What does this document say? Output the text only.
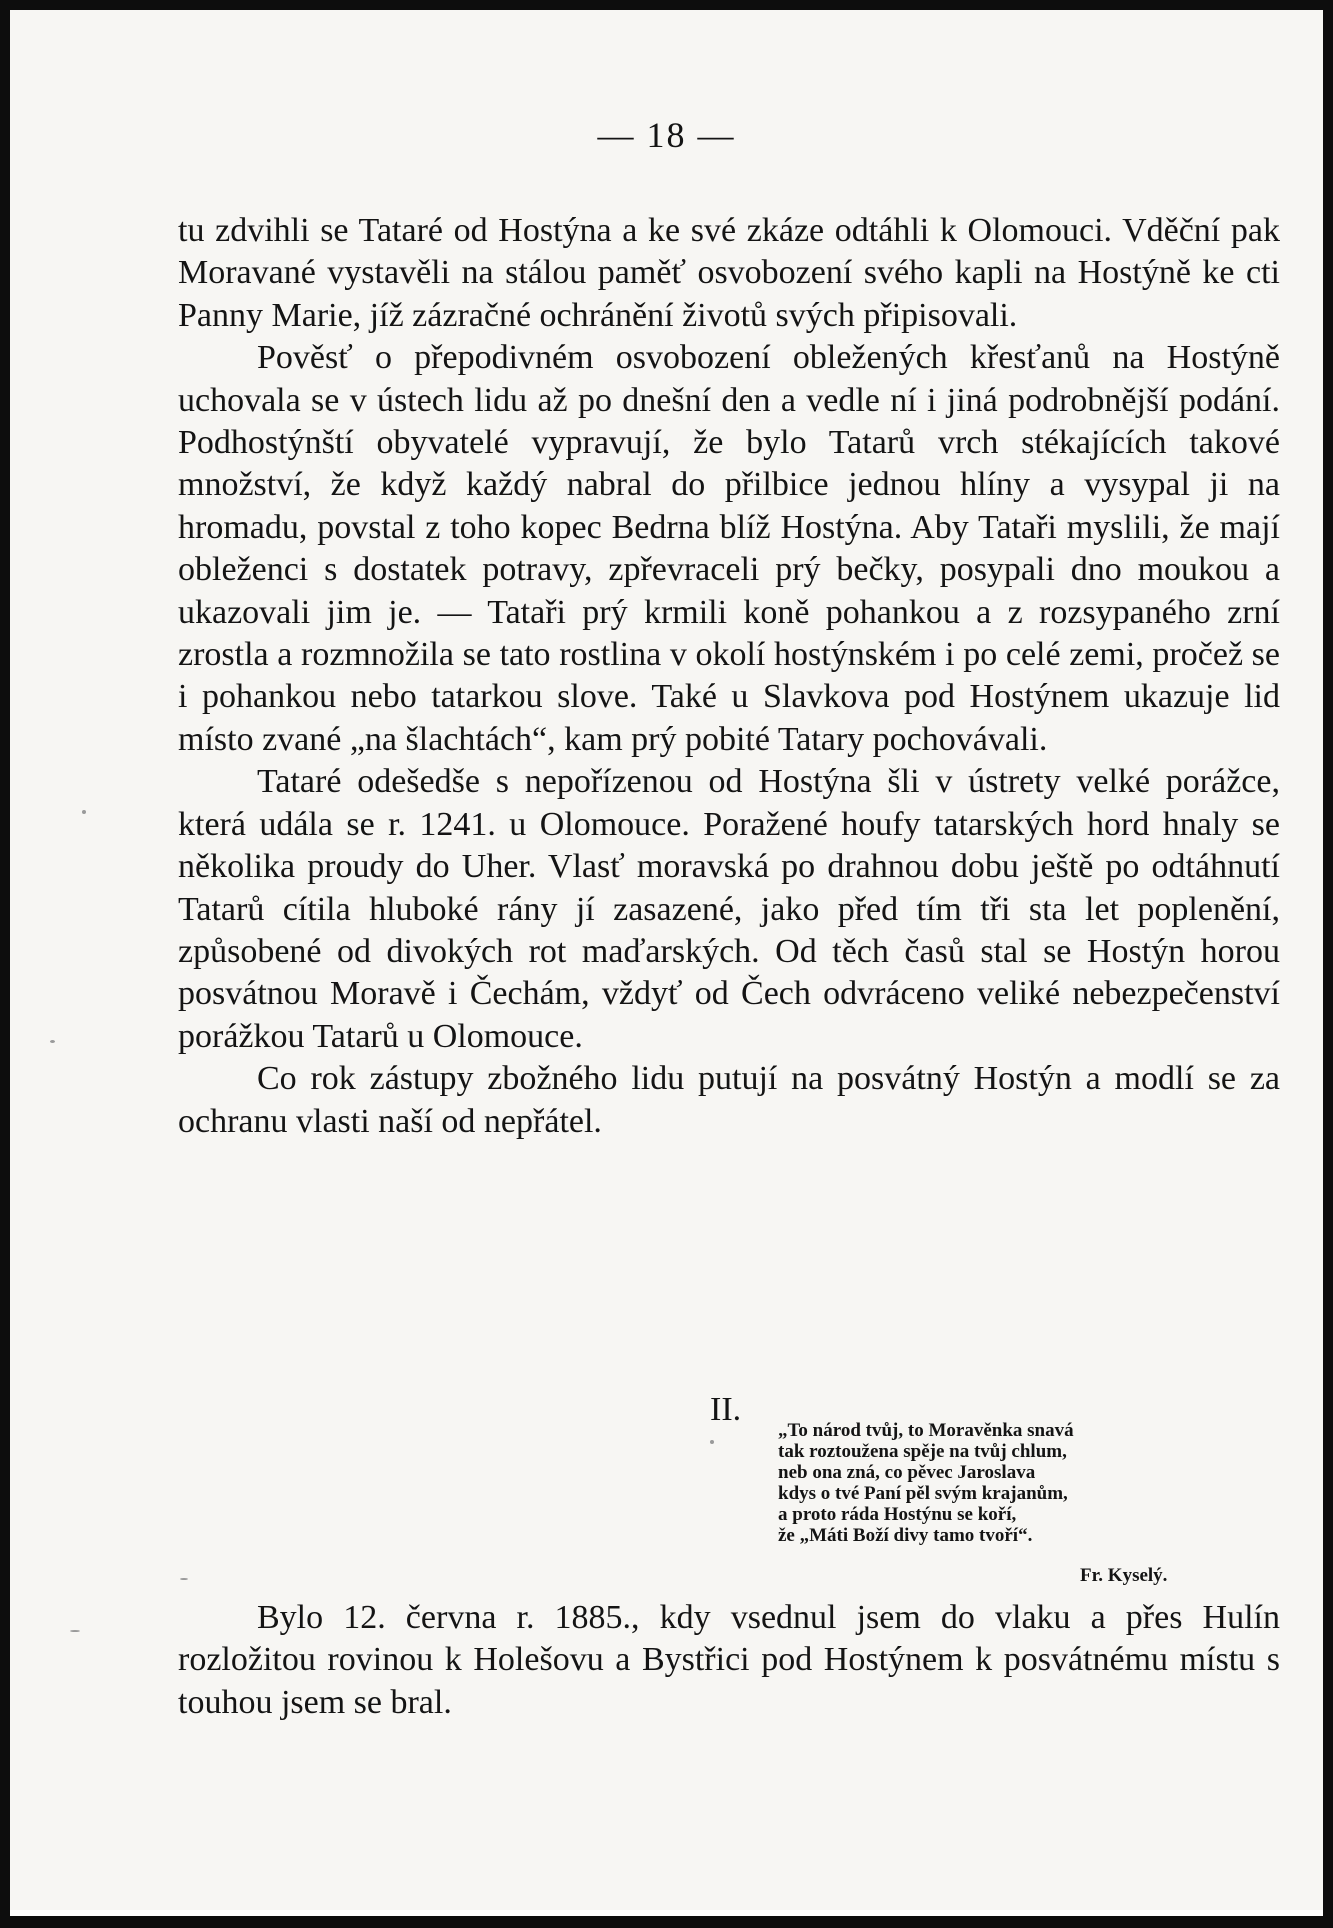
— 18 —

tu zdvihli se Tataré od Hostýna a ke své zkáze odtáhli k Olomouci. Vděční pak Moravané vystavěli na stálou paměť osvobození svého kapli na Hostýně ke cti Panny Marie, jíž zázračné ochránění životů svých připisovali.

Pověsť o přepodivném osvobození obležených křesťanů na Hostýně uchovala se v ústech lidu až po dnešní den a vedle ní i jiná podrobnější podání. Podhostýnští obyvatelé vypravují, že bylo Tatarů vrch stékajících takové množství, že když každý nabral do přilbice jednou hlíny a vysypal ji na hromadu, povstal z toho kopec Bedrna blíž Hostýna. Aby Tataři myslili, že mají obleženci s dostatek potravy, zpřevraceli prý bečky, posypali dno moukou a ukazovali jim je. — Tataři prý krmili koně pohankou a z rozsypaného zrní zrostla a rozmnožila se tato rostlina v okolí hostýnském i po celé zemi, pročež se i pohankou nebo tatarkou slove. Také u Slavkova pod Hostýnem ukazuje lid místo zvané „na šlachtách“, kam prý pobité Tatary pochovávali.

Tataré odešedše s nepořízenou od Hostýna šli v ústrety velké porážce, která udála se r. 1241. u Olomouce. Poražené houfy tatarských hord hnaly se několika proudy do Uher. Vlasť moravská po drahnou dobu ještě po odtáhnutí Tatarů cítila hluboké rány jí zasazené, jako před tím tři sta let poplenění, způsobené od divokých rot maďarských. Od těch časů stal se Hostýn horou posvátnou Moravě i Čechám, vždyť od Čech odvráceno veliké nebezpečenství porážkou Tatarů u Olomouce.

Co rok zástupy zbožného lidu putují na posvátný Hostýn a modlí se za ochranu vlasti naší od nepřátel.

II.
„To národ tvůj, to Moravěnka snavá
tak roztoužena spěje na tvůj chlum,
neb ona zná, co pěvec Jaroslava
kdys o tvé Paní pěl svým krajanům,
a proto ráda Hostýnu se koří,
že „Máti Boží divy tamo tvoří“.
Fr. Kyselý.

Bylo 12. června r. 1885., kdy vsednul jsem do vlaku a přes Hulín rozložitou rovinou k Holešovu a Bystřici pod Hostýnem k posvátnému místu s touhou jsem se bral.
